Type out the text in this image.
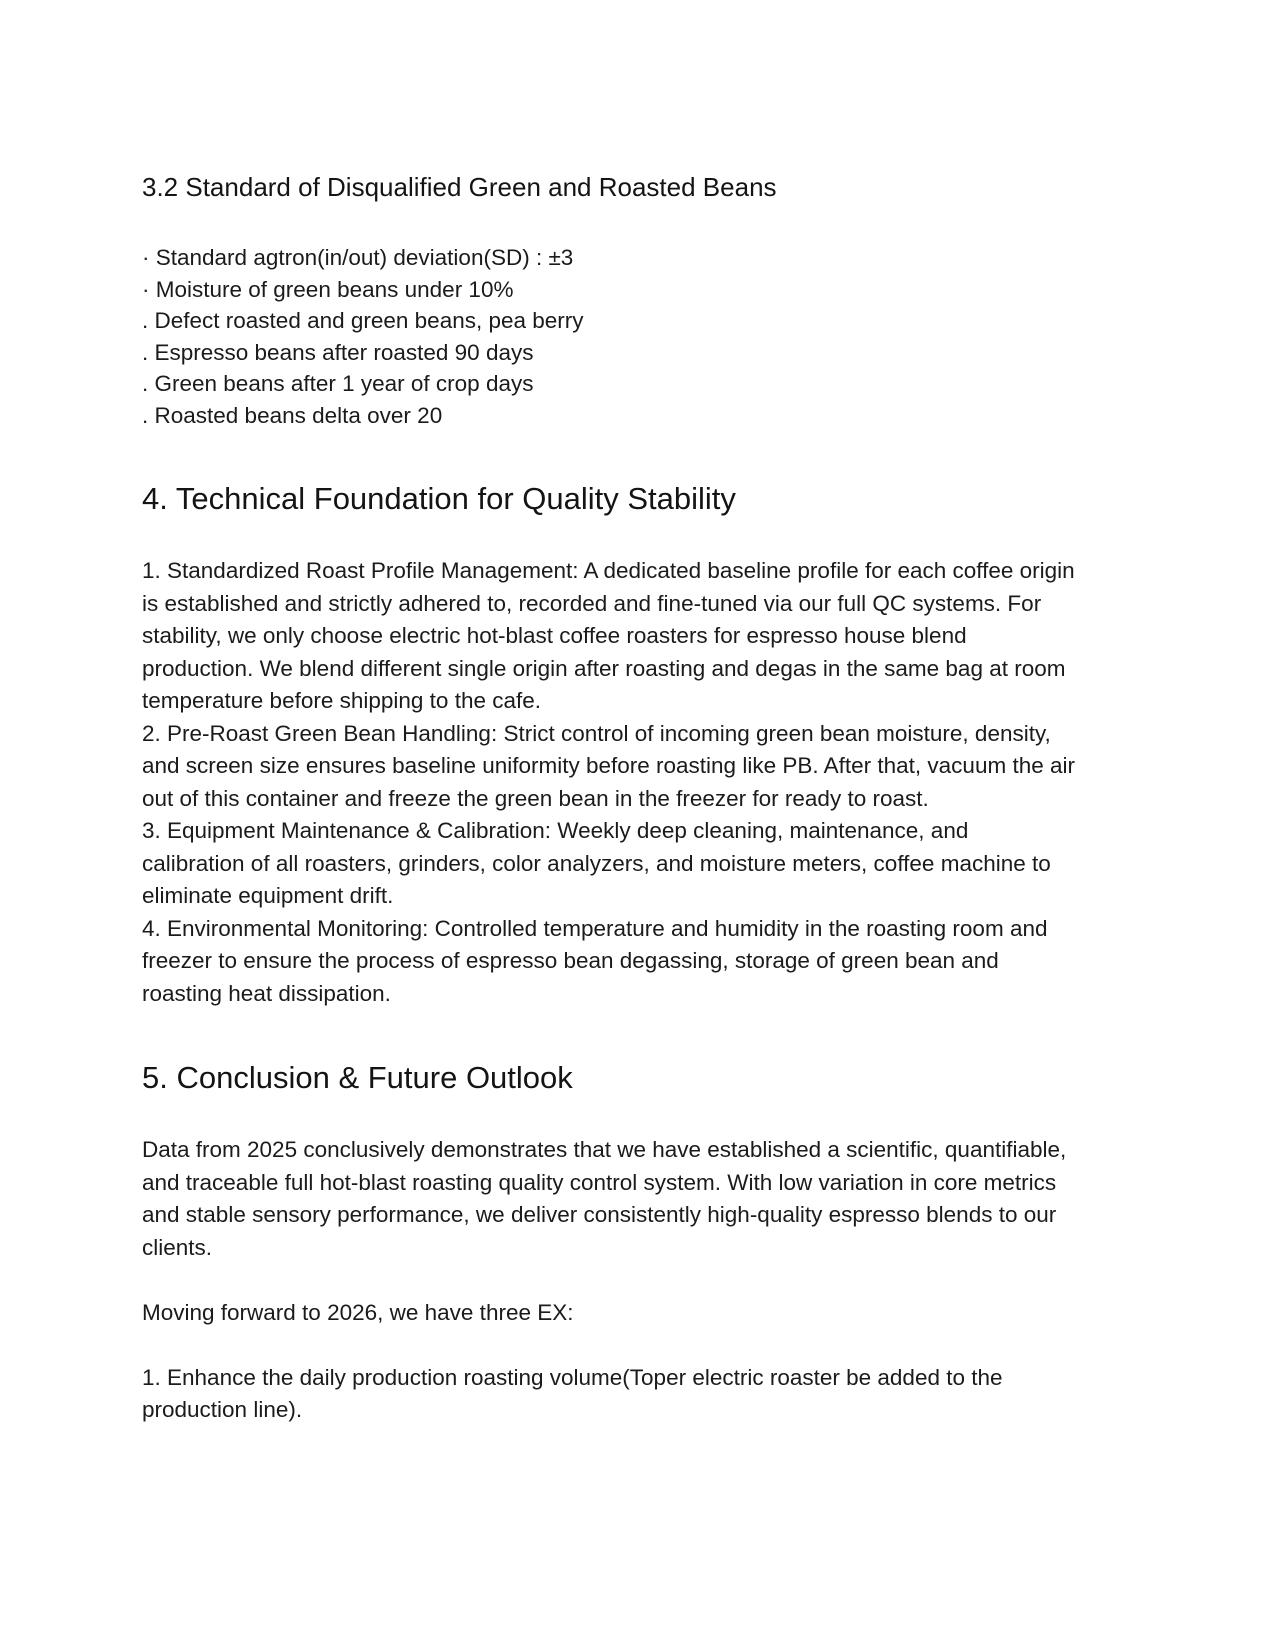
3.2 Standard of Disqualified Green and Roasted Beans
· Standard agtron(in/out) deviation(SD) : ±3
· Moisture of green beans under 10%
. Defect roasted and green beans, pea berry
. Espresso beans after roasted 90 days
. Green beans after 1 year of crop days
. Roasted beans delta over 20
4. Technical Foundation for Quality Stability
1. Standardized Roast Profile Management: A dedicated baseline profile for each coffee origin is established and strictly adhered to, recorded and fine-tuned via our full QC systems. For stability, we only choose electric hot-blast coffee roasters for espresso house blend production. We blend different single origin after roasting and degas in the same bag at room temperature before shipping to the cafe.
2. Pre-Roast Green Bean Handling: Strict control of incoming green bean moisture, density, and screen size ensures baseline uniformity before roasting like PB. After that, vacuum the air out of this container and freeze the green bean in the freezer for ready to roast.
3. Equipment Maintenance & Calibration: Weekly deep cleaning, maintenance, and calibration of all roasters, grinders, color analyzers, and moisture meters, coffee machine to eliminate equipment drift.
4. Environmental Monitoring: Controlled temperature and humidity in the roasting room and freezer to ensure the process of espresso bean degassing, storage of green bean and roasting heat dissipation.
5. Conclusion & Future Outlook
Data from 2025 conclusively demonstrates that we have established a scientific, quantifiable, and traceable full hot-blast roasting quality control system. With low variation in core metrics and stable sensory performance, we deliver consistently high-quality espresso blends to our clients.
Moving forward to 2026, we have three EX:
1. Enhance the daily production roasting volume(Toper electric roaster be added to the production line).
